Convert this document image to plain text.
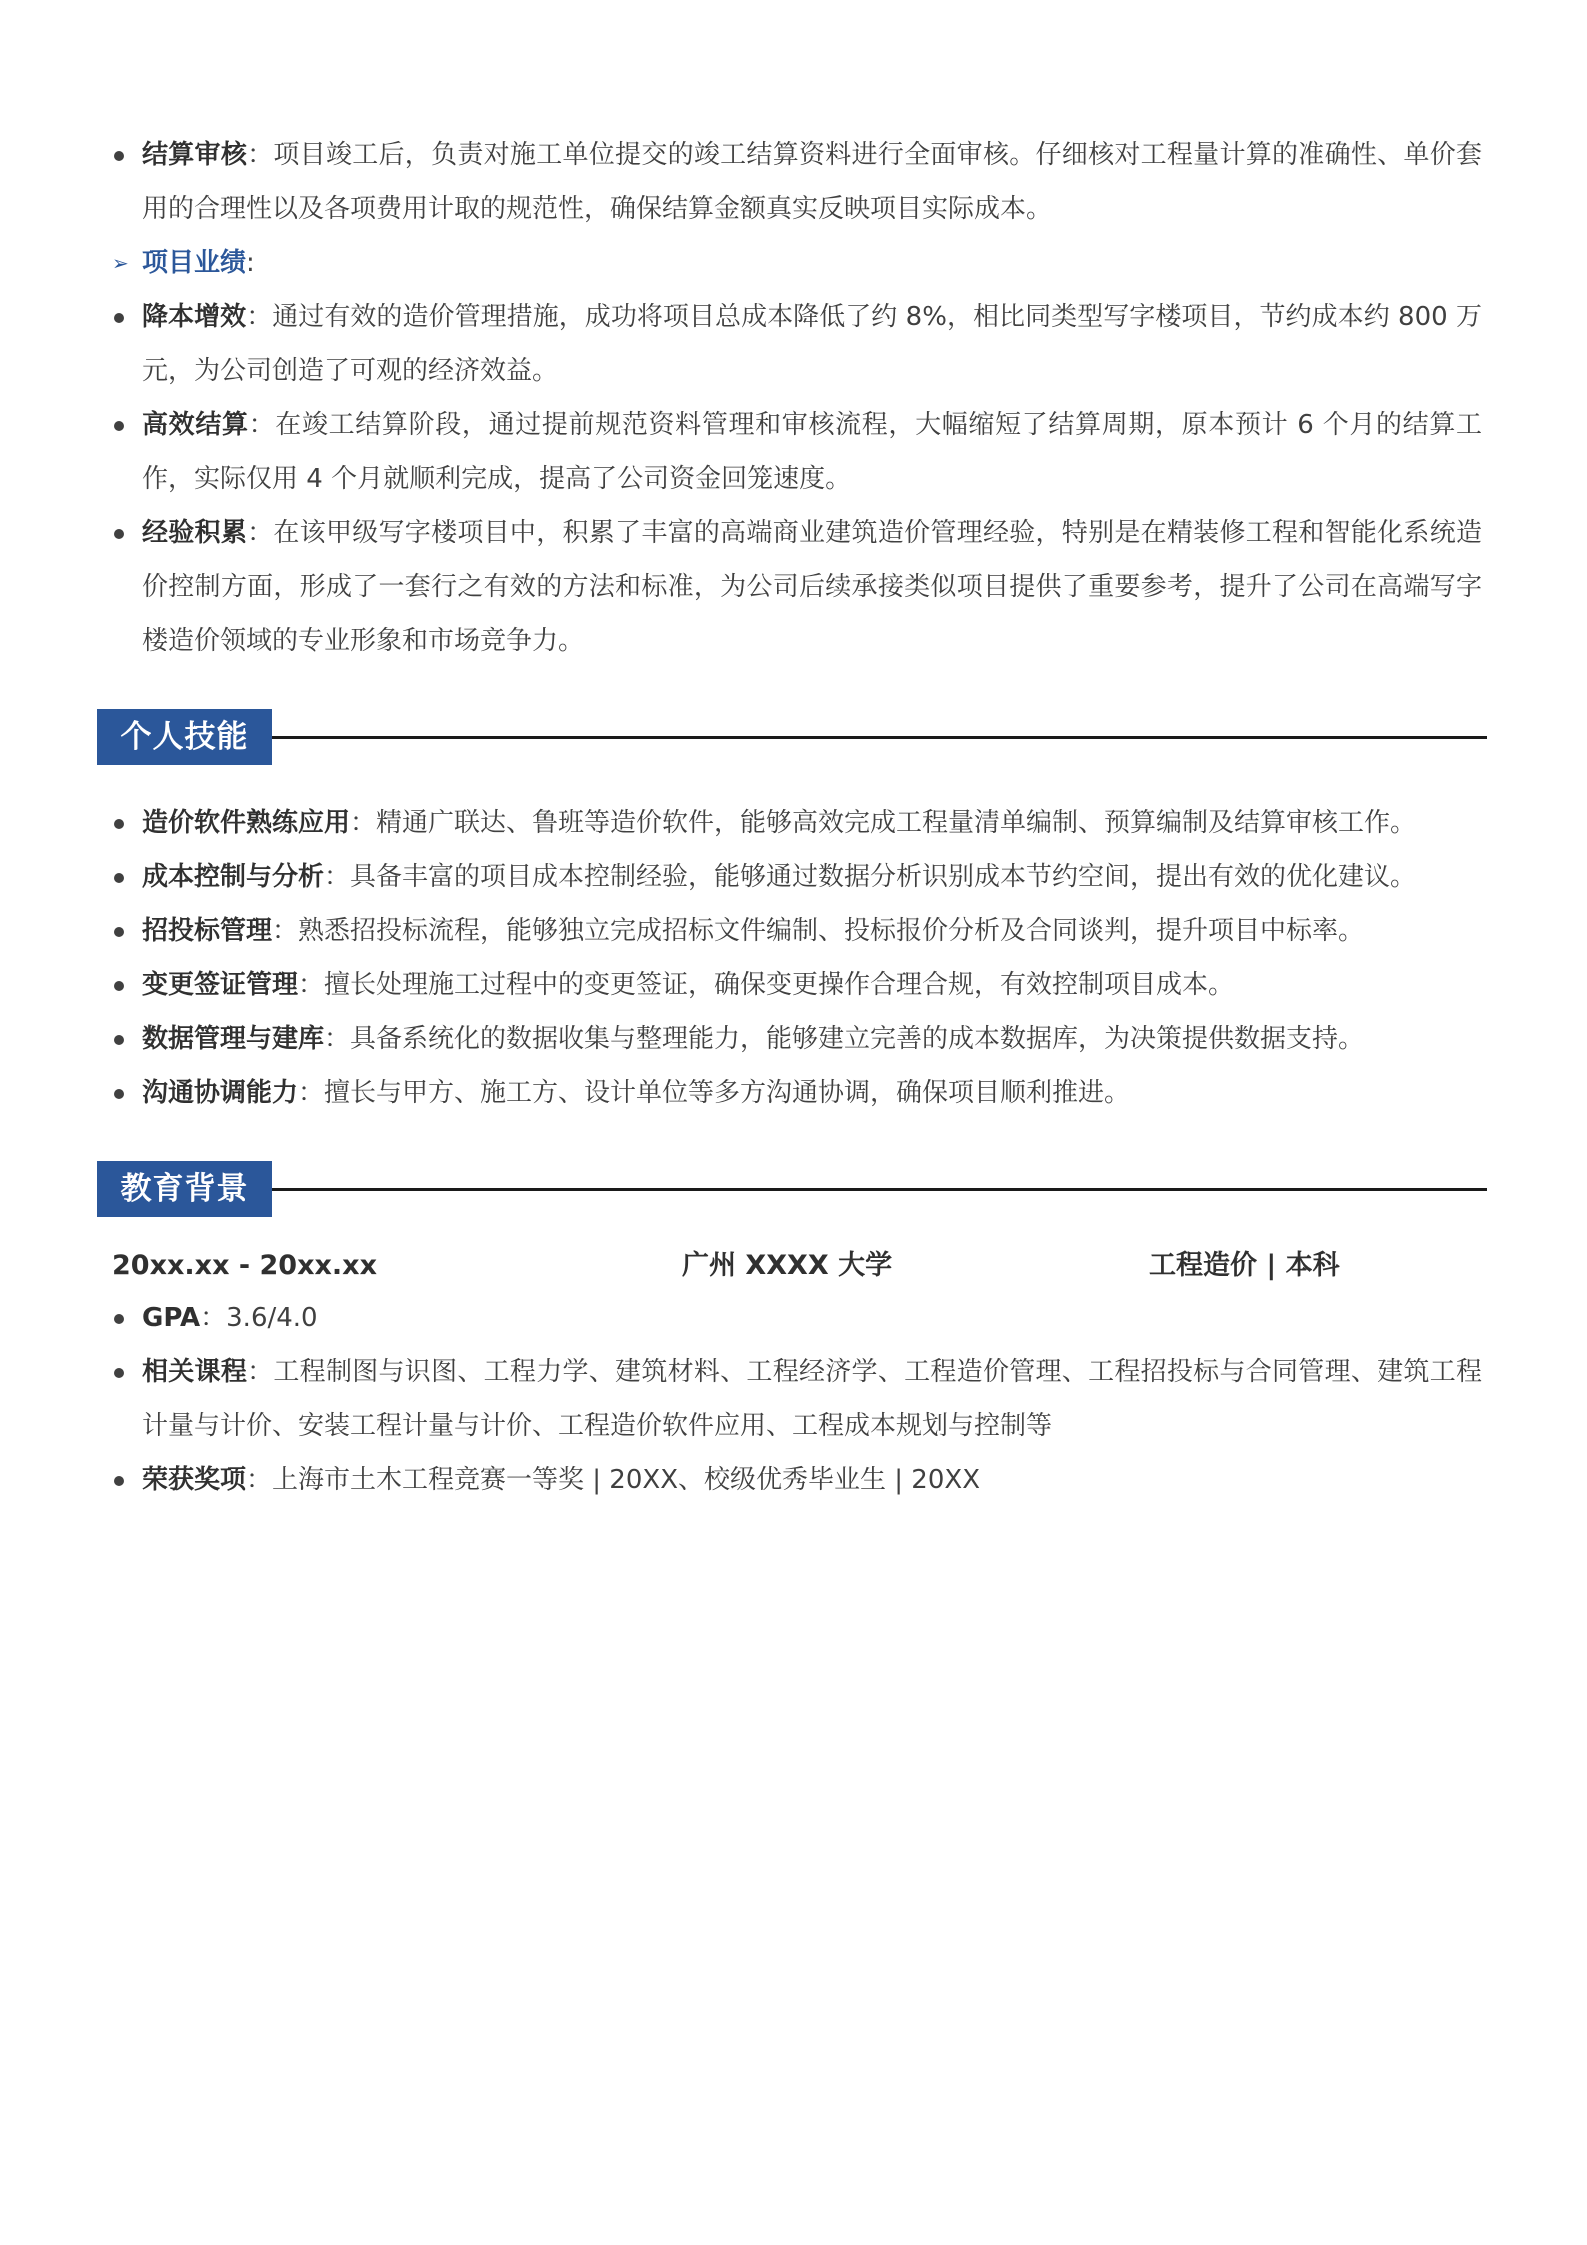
结算审核：项目竣工后，负责对施工单位提交的竣工结算资料进行全面审核。仔细核对工程量计算的准确性、单价套用的合理性以及各项费用计取的规范性，确保结算金额真实反映项目实际成本。
➢ 项目业绩:
降本增效：通过有效的造价管理措施，成功将项目总成本降低了约 8%，相比同类型写字楼项目，节约成本约 800 万元，为公司创造了可观的经济效益。
高效结算：在竣工结算阶段，通过提前规范资料管理和审核流程，大幅缩短了结算周期，原本预计 6 个月的结算工作，实际仅用 4 个月就顺利完成，提高了公司资金回笼速度。
经验积累：在该甲级写字楼项目中，积累了丰富的高端商业建筑造价管理经验，特别是在精装修工程和智能化系统造价控制方面，形成了一套行之有效的方法和标准，为公司后续承接类似项目提供了重要参考，提升了公司在高端写字楼造价领域的专业形象和市场竞争力。
个人技能
造价软件熟练应用：精通广联达、鲁班等造价软件，能够高效完成工程量清单编制、预算编制及结算审核工作。
成本控制与分析：具备丰富的项目成本控制经验，能够通过数据分析识别成本节约空间，提出有效的优化建议。
招投标管理：熟悉招投标流程，能够独立完成招标文件编制、投标报价分析及合同谈判，提升项目中标率。
变更签证管理：擅长处理施工过程中的变更签证，确保变更操作合理合规，有效控制项目成本。
数据管理与建库：具备系统化的数据收集与整理能力，能够建立完善的成本数据库，为决策提供数据支持。
沟通协调能力：擅长与甲方、施工方、设计单位等多方沟通协调，确保项目顺利推进。
教育背景
20xx.xx - 20xx.xx	广州 XXXX 大学	工程造价 | 本科
GPA：3.6/4.0
相关课程：工程制图与识图、工程力学、建筑材料、工程经济学、工程造价管理、工程招投标与合同管理、建筑工程计量与计价、安装工程计量与计价、工程造价软件应用、工程成本规划与控制等
荣获奖项：上海市土木工程竞赛一等奖 | 20XX、校级优秀毕业生 | 20XX
